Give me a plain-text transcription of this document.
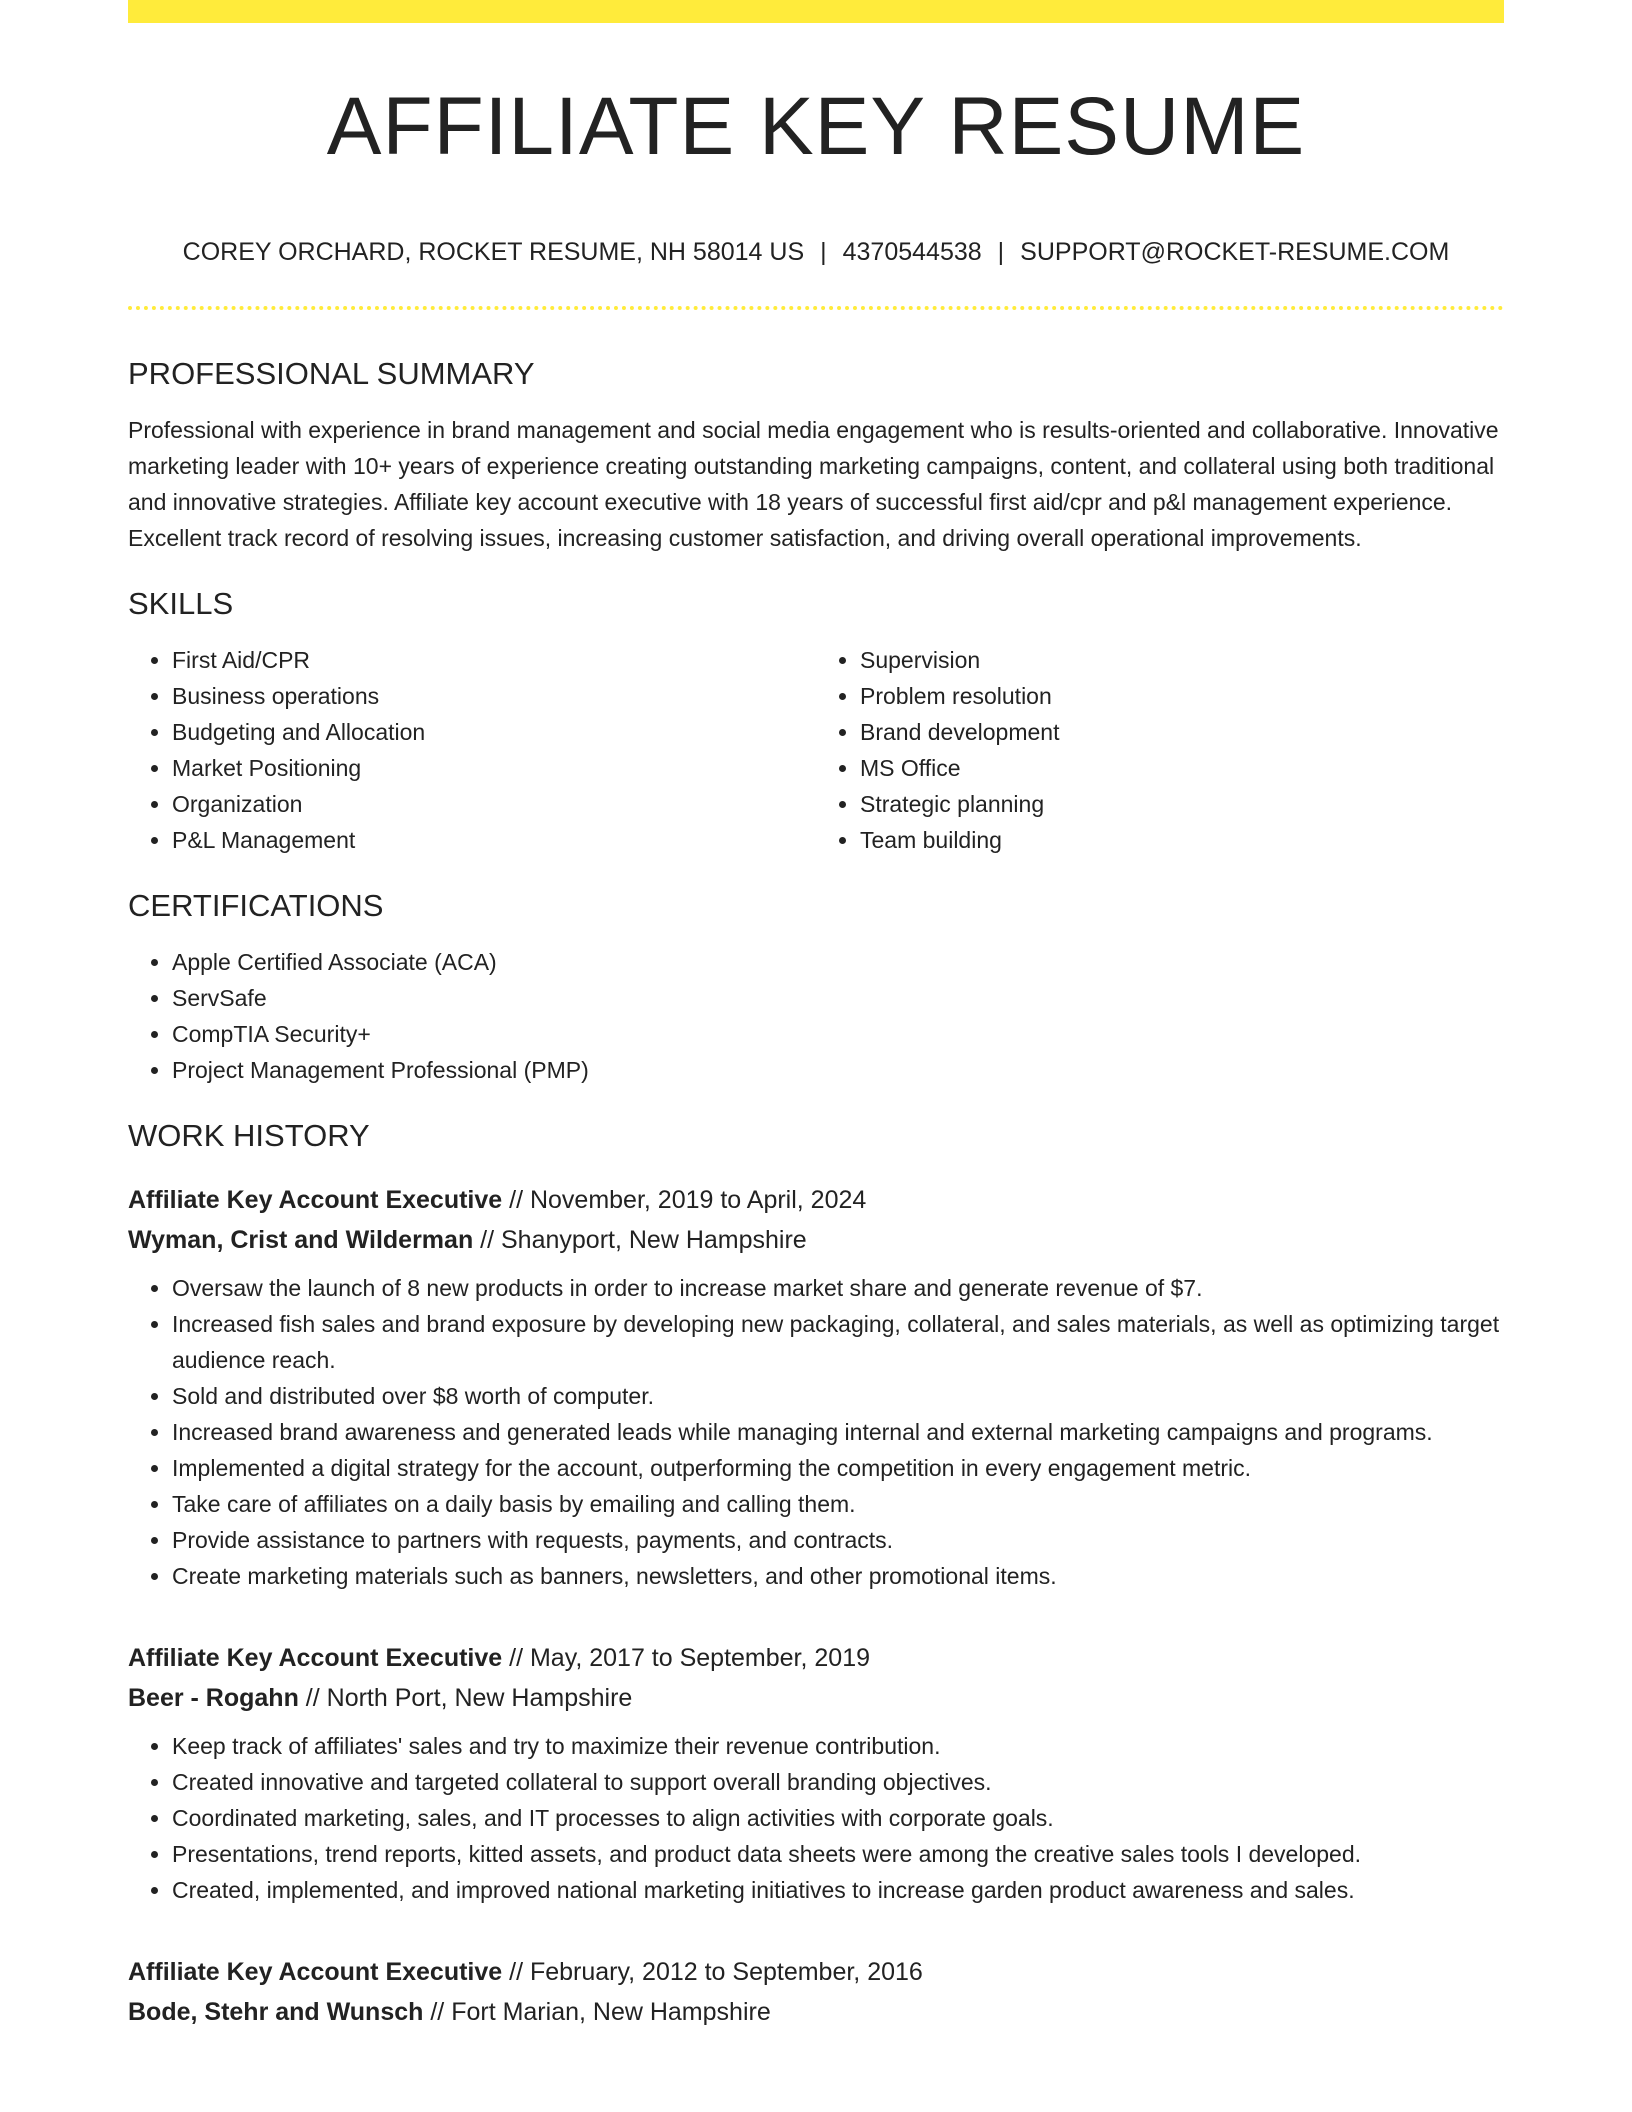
AFFILIATE KEY RESUME
COREY ORCHARD, ROCKET RESUME, NH 58014 US | 4370544538 | SUPPORT@ROCKET-RESUME.COM
PROFESSIONAL SUMMARY

Professional with experience in brand management and social media engagement who is results-oriented and collaborative. Innovative marketing leader with 10+ years of experience creating outstanding marketing campaigns, content, and collateral using both traditional and innovative strategies. Affiliate key account executive with 18 years of successful first aid/cpr and p&l management experience. Excellent track record of resolving issues, increasing customer satisfaction, and driving overall operational improvements.

SKILLS
• First Aid/CPR
• Business operations
• Budgeting and Allocation
• Market Positioning
• Organization
• P&L Management
• Supervision
• Problem resolution
• Brand development
• MS Office
• Strategic planning
• Team building
CERTIFICATIONS
• Apple Certified Associate (ACA)
• ServSafe
• CompTIA Security+
• Project Management Professional (PMP)
WORK HISTORY
Affiliate Key Account Executive // November, 2019 to April, 2024
Wyman, Crist and Wilderman // Shanyport, New Hampshire
• Oversaw the launch of 8 new products in order to increase market share and generate revenue of $7.
• Increased fish sales and brand exposure by developing new packaging, collateral, and sales materials, as well as optimizing target audience reach.
• Sold and distributed over $8 worth of computer.
• Increased brand awareness and generated leads while managing internal and external marketing campaigns and programs.
• Implemented a digital strategy for the account, outperforming the competition in every engagement metric.
• Take care of affiliates on a daily basis by emailing and calling them.
• Provide assistance to partners with requests, payments, and contracts.
• Create marketing materials such as banners, newsletters, and other promotional items.
Affiliate Key Account Executive // May, 2017 to September, 2019
Beer - Rogahn // North Port, New Hampshire
• Keep track of affiliates' sales and try to maximize their revenue contribution.
• Created innovative and targeted collateral to support overall branding objectives.
• Coordinated marketing, sales, and IT processes to align activities with corporate goals.
• Presentations, trend reports, kitted assets, and product data sheets were among the creative sales tools I developed.
• Created, implemented, and improved national marketing initiatives to increase garden product awareness and sales.
Affiliate Key Account Executive // February, 2012 to September, 2016
Bode, Stehr and Wunsch // Fort Marian, New Hampshire
